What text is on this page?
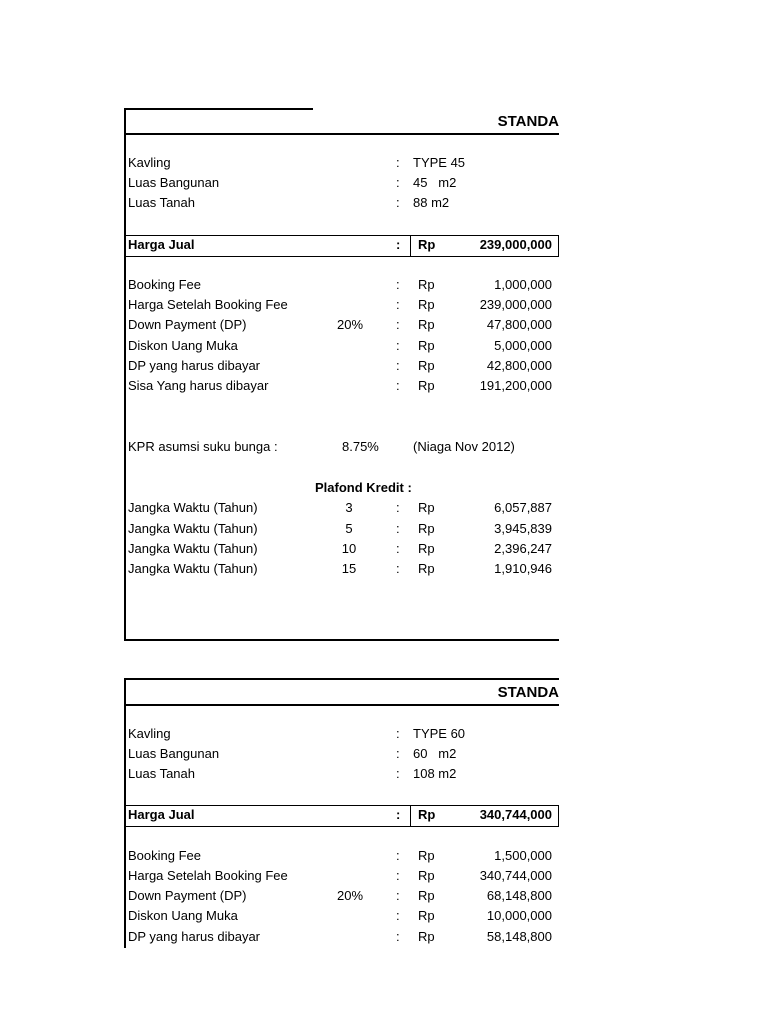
STANDA
Kavling	: TYPE 45
Luas Bangunan	: 45   m2
Luas Tanah	: 88 m2
Harga Jual	: Rp	239,000,000
Booking Fee	: Rp	1,000,000
Harga Setelah Booking Fee	: Rp	239,000,000
Down Payment (DP)	20%	: Rp	47,800,000
Diskon Uang Muka	: Rp	5,000,000
DP yang harus dibayar	: Rp	42,800,000
Sisa Yang harus dibayar	: Rp	191,200,000
KPR asumsi suku bunga :	8.75%	(Niaga Nov 2012)
Plafond Kredit :
Jangka Waktu (Tahun)	3	: Rp	6,057,887
Jangka Waktu (Tahun)	5	: Rp	3,945,839
Jangka Waktu (Tahun)	10	: Rp	2,396,247
Jangka Waktu (Tahun)	15	: Rp	1,910,946
STANDA
Kavling	: TYPE 60
Luas Bangunan	: 60   m2
Luas Tanah	: 108 m2
Harga Jual	: Rp	340,744,000
Booking Fee	: Rp	1,500,000
Harga Setelah Booking Fee	: Rp	340,744,000
Down Payment (DP)	20%	: Rp	68,148,800
Diskon Uang Muka	: Rp	10,000,000
DP yang harus dibayar	: Rp	58,148,800
